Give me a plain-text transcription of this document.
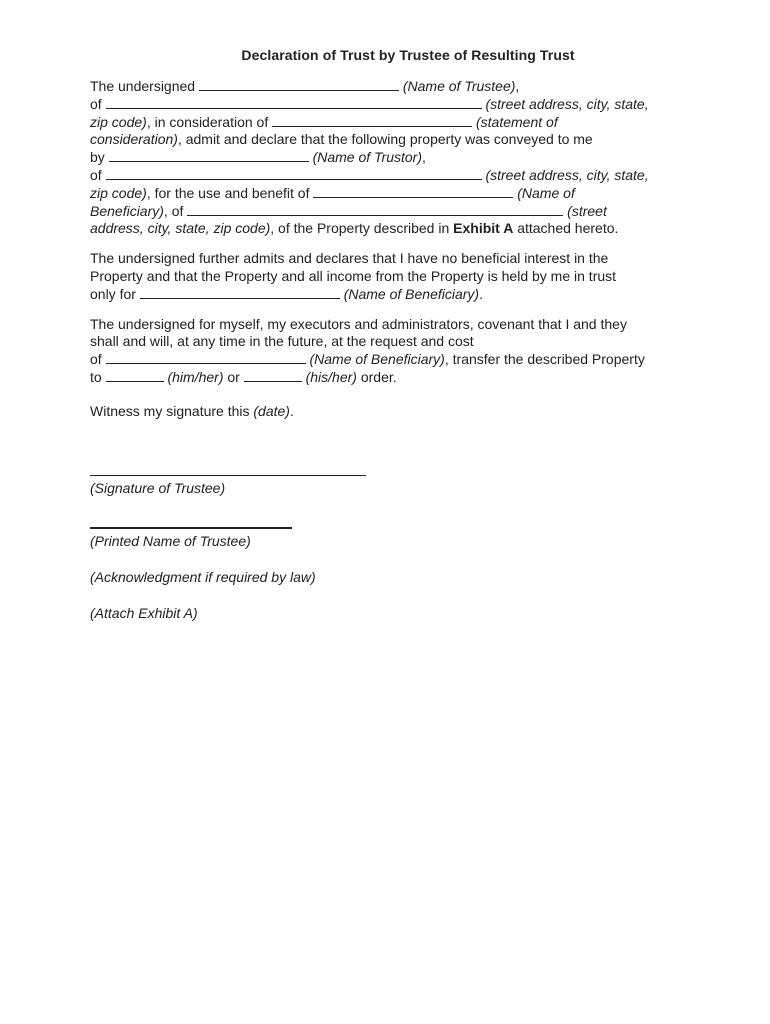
Declaration of Trust by Trustee of Resulting Trust

The undersigned	(Name of Trustee),
of	(street address, city, state,
zip code), in consideration of	(statement of
consideration), admit and declare that the following property was conveyed to me
by	(Name of Trustor),
of	(street address, city, state,
zip code), for the use and benefit of	(Name of
Beneficiary), of	(street
address, city, state, zip code), of the Property described in Exhibit A attached hereto.

The undersigned further admits and declares that I have no beneficial interest in the
Property and that the Property and all income from the Property is held by me in trust
only for	(Name of Beneficiary).

The undersigned for myself, my executors and administrators, covenant that I and they
shall and will, at any time in the future, at the request and cost
of	(Name of Beneficiary), transfer the described Property
to	(him/her) or	(his/her) order.

Witness my signature this (date).

(Signature of Trustee)
(Printed Name of Trustee)
(Acknowledgment if required by law)
(Attach Exhibit A)
